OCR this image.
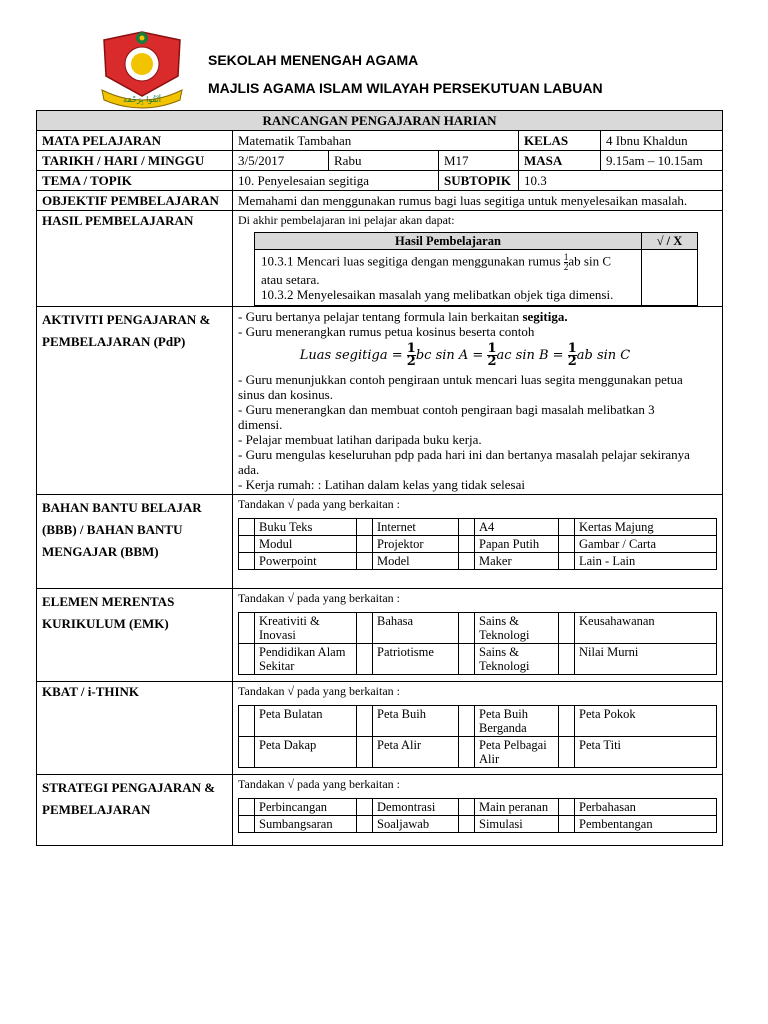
أتْقُوا بِرَحْمَة
SEKOLAH MENENGAH AGAMA
MAJLIS AGAMA ISLAM WILAYAH PERSEKUTUAN LABUAN
RANCANGAN PENGAJARAN HARIAN
MATA PELAJARAN	Matematik Tambahan	KELAS	4 Ibnu Khaldun
TARIKH / HARI / MINGGU	3/5/2017	Rabu	M17	MASA	9.15am – 10.15am
TEMA / TOPIK	10. Penyelesaian segitiga	SUBTOPIK	10.3
OBJEKTIF PEMBELAJARAN	Memahami dan menggunakan rumus bagi luas segitiga untuk menyelesaikan masalah.
HASIL PEMBELAJARAN	Di akhir pembelajaran ini pelajar akan dapat:
Hasil Pembelajaran	√ / X

10.3.1 Mencari luas segitiga dengan menggunakan rumus $\frac{1}{2}$ ab sin C
atau setara.
10.3.2 Menyelesaikan masalah yang melibatkan objek tiga dimensi.

AKTIVITI PENGAJARAN &
PEMBELAJARAN (PdP)

- Guru bertanya pelajar tentang formula lain berkaitan segitiga.
- Guru menerangkan rumus petua kosinus beserta contoh
Luas segitiga = $\frac{1}{2}$ bc $\sin A = \frac{1}{2}$ ac $\sin B = \frac{1}{2}$ ab sin C
- Guru menunjukkan contoh pengiraan untuk mencari luas segita menggunakan petua sinus dan kosinus.
- Guru menerangkan dan membuat contoh pengiraan bagi masalah melibatkan 3 dimensi.
- Pelajar membuat latihan daripada buku kerja.
- Guru mengulas keseluruhan pdp pada hari ini dan bertanya masalah pelajar sekiranya ada.
- Kerja rumah: : Latihan dalam kelas yang tidak selesai

BAHAN BANTU BELAJAR
(BBB) / BAHAN BANTU
MENGAJAR (BBM)

Tandakan √ pada yang berkaitan :
	Buku Teks		Internet		A4		Kertas Majung
	Modul		Projektor		Papan Putih		Gambar / Carta
	Powerpoint		Model		Maker		Lain - Lain

ELEMEN MERENTAS
KURIKULUM (EMK)

Tandakan √ pada yang berkaitan :
	Kreativiti & Inovasi		Bahasa		Sains & Teknologi		Keusahawanan
	Pendidikan Alam Sekitar		Patriotisme		Sains & Teknologi		Nilai Murni

KBAT / i-THINK	Tandakan √ pada yang berkaitan :
	Peta Bulatan		Peta Buih		Peta Buih Berganda		Peta Pokok
	Peta Dakap		Peta Alir		Peta Pelbagai Alir		Peta Titi

STRATEGI PENGAJARAN &
PEMBELAJARAN

Tandakan √ pada yang berkaitan :
	Perbincangan		Demontrasi		Main peranan		Perbahasan
	Sumbangsaran		Soaljawab		Simulasi		Pembentangan
